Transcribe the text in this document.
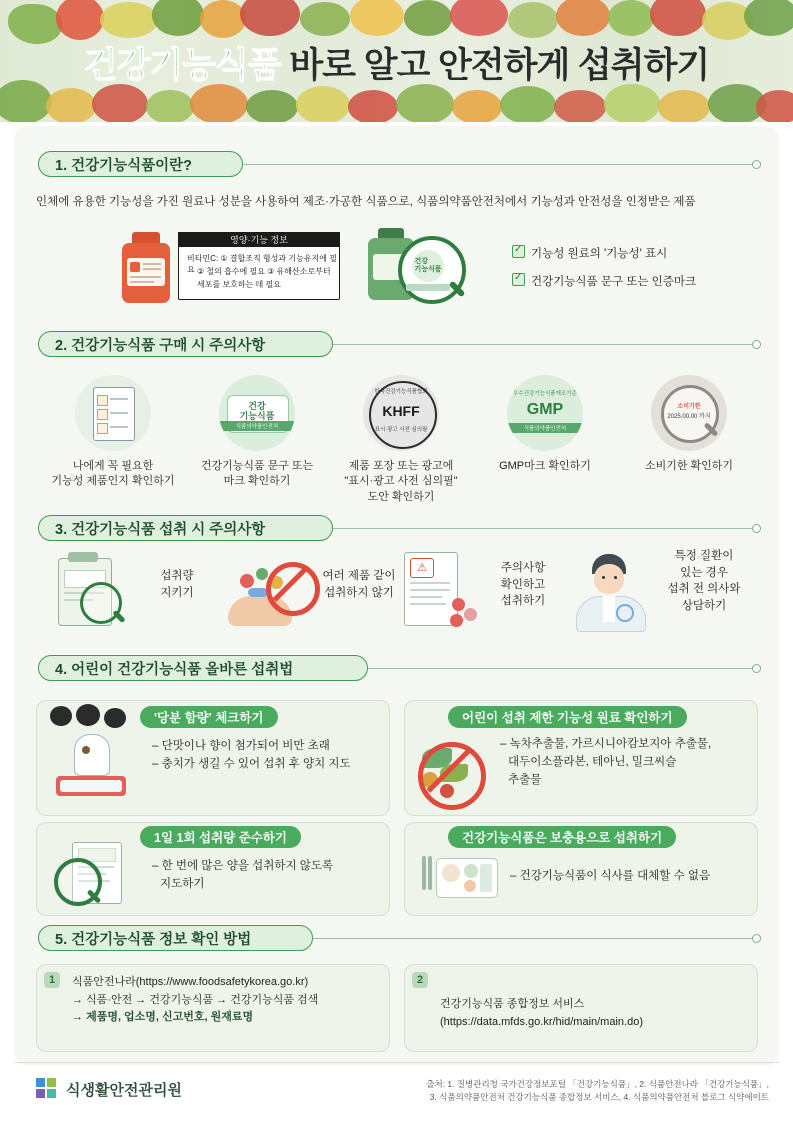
건강기능식품 바로 알고 안전하게 섭취하기
1. 건강기능식품이란?
인체에 유용한 기능성을 가진 원료나 성분을 사용하여 제조·가공한 식품으로, 식품의약품안전처에서 기능성과 안전성을 인정받은 제품
영양·기능 정보
비타민C: ① 결합조직 형성과 기능유지에 필요 ② 철의 흡수에 필요 ③ 유해산소로부터
세포를 보호하는 데 필요
건강
기능식품
✓기능성 원료의 '기능성' 표시
✓건강기능식품 문구 또는 인증마크
2. 건강기능식품 구매 시 주의사항
나에게 꼭 필요한
기능성 제품인지 확인하기
건강
기능식품
식품의약품안전처
건강기능식품 문구 또는
마크 확인하기
한국건강기능식품협회
KHFF
표시·광고 사전 심의필
제품 포장 또는 광고에
"표시·광고 사전 심의필"
도안 확인하기
우수건강기능식품제조기준
GMP
식품의약품안전처
GMP마크 확인하기
소비기한
2025.00.00 까지
소비기한 확인하기
3. 건강기능식품 섭취 시 주의사항
섭취량
지키기
여러 제품 같이
섭취하지 않기
⚠	주의사항
확인하고
섭취하기
특정 질환이
있는 경우
섭취 전 의사와
상담하기
4. 어린이 건강기능식품 올바른 섭취법
'당분 함량' 체크하기
– 단맛이나 향이 첨가되어 비만 초래
– 충치가 생길 수 있어 섭취 후 양치 지도
어린이 섭취 제한 기능성 원료 확인하기
– 녹차추출물, 가르시니아캄보지아 추출물,
대두이소플라본, 테아닌, 밀크씨슬
추출물
1일 1회 섭취량 준수하기
– 한 번에 많은 양을 섭취하지 않도록
지도하기
건강기능식품은 보충용으로 섭취하기
– 건강기능식품이 식사를 대체할 수 없음
5. 건강기능식품 정보 확인 방법
1 식품안전나라(https://www.foodsafetykorea.go.kr)
→ 식품·안전 → 건강기능식품 → 건강기능식품 검색
→ 제품명, 업소명, 신고번호, 원재료명
2
건강기능식품 종합정보 서비스
(https://data.mfds.go.kr/hid/main/main.do)
식생활안전관리원	출처: 1. 질병관리청 국가건강정보포털 「건강기능식품」, 2. 식품안전나라 「건강기능식품」,
3. 식품의약품안전처 건강기능식품 종합정보 서비스, 4. 식품의약품안전처 블로그 식약에이트
